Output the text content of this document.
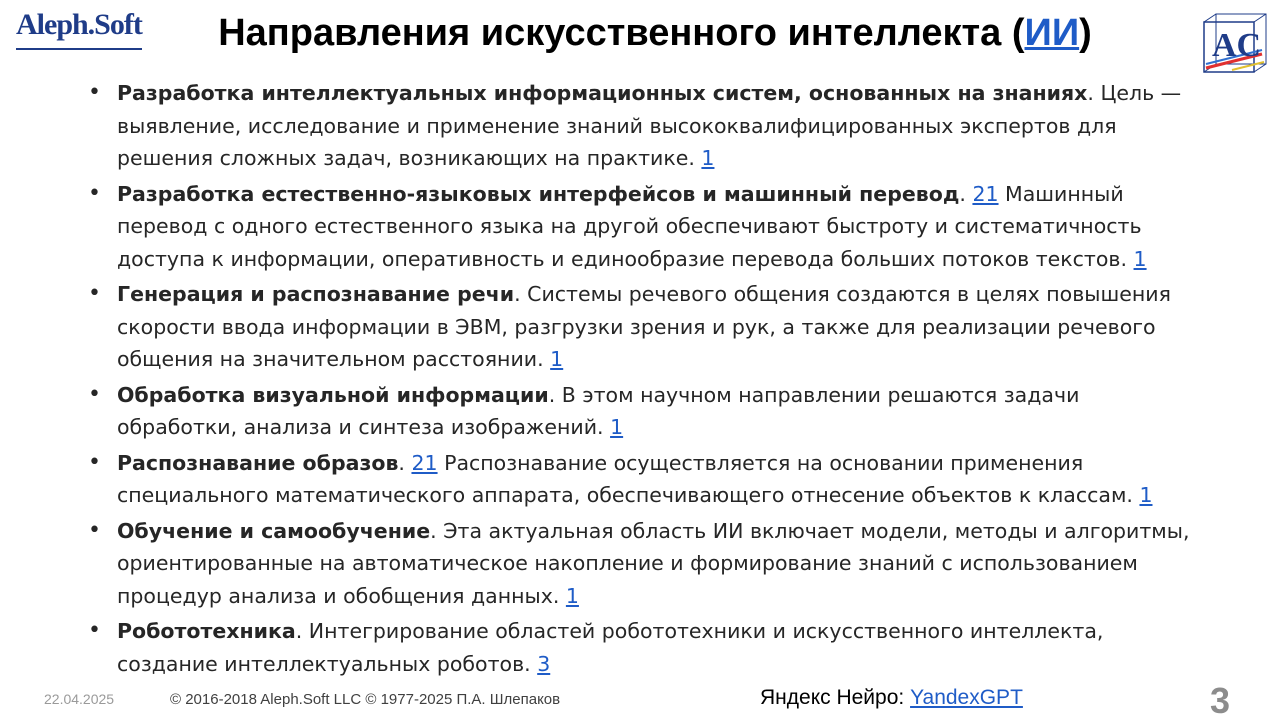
Aleph.Soft	Направления искусственного интеллекта (ИИ)	AC
• Разработка интеллектуальных информационных систем, основанных на знаниях. Цель — выявление, исследование и применение знаний высококвалифицированных экспертов для решения сложных задач, возникающих на практике. 1
• Разработка естественно-языковых интерфейсов и машинный перевод. 21 Машинный перевод с одного естественного языка на другой обеспечивают быстроту и систематичность доступа к информации, оперативность и единообразие перевода больших потоков текстов. 1
• Генерация и распознавание речи. Системы речевого общения создаются в целях повышения скорости ввода информации в ЭВМ, разгрузки зрения и рук, а также для реализации речевого общения на значительном расстоянии. 1
• Обработка визуальной информации. В этом научном направлении решаются задачи обработки, анализа и синтеза изображений. 1
• Распознавание образов. 21 Распознавание осуществляется на основании применения специального математического аппарата, обеспечивающего отнесение объектов к классам. 1
• Обучение и самообучение. Эта актуальная область ИИ включает модели, методы и алгоритмы, ориентированные на автоматическое накопление и формирование знаний с использованием процедур анализа и обобщения данных. 1
• Робототехника. Интегрирование областей робототехники и искусственного интеллекта, создание интеллектуальных роботов. 3
22.04.2025	© 2016-2018 Aleph.Soft LLC © 1977-2025 П.А. Шлепаков	Яндекс Нейро: YandexGPT	3
